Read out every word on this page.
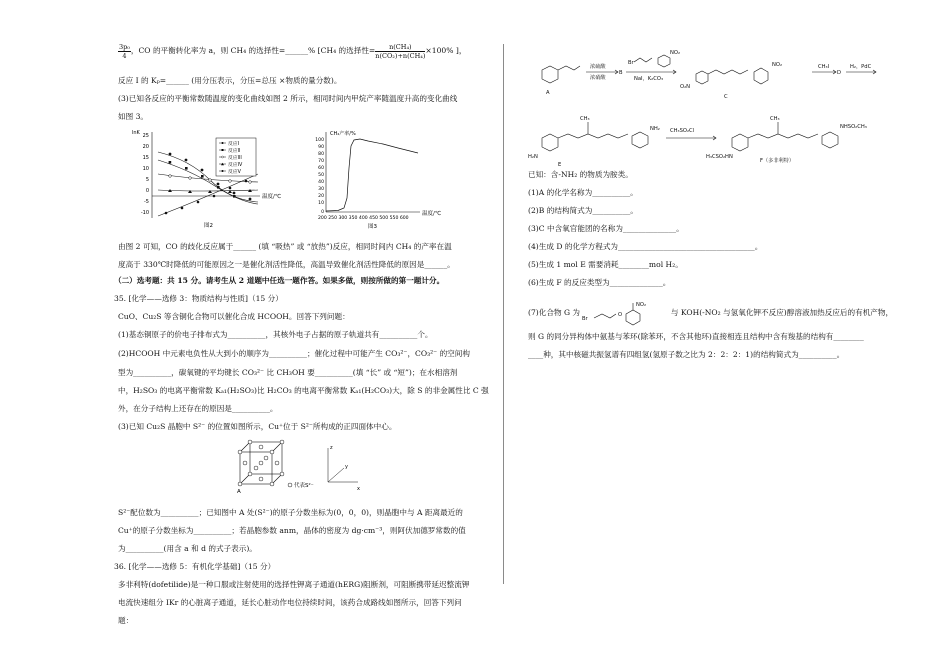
$\frac{\text{3p₀}}{4}$ ，CO 的平衡转化率为 a，则 CH₄ 的选择性=______% [CH₄ 的选择性= $\frac{\text{n(CH₄)}}{\text{n(CO₂)+n(CH₄)}} \times 100\%$ ]，
反应 I 的 Kₚ=______ (用分压表示，分压=总压 ×物质的量分数)。
(3)已知各反应的平衡常数随温度的变化曲线如图 2 所示，相同时间内甲烷产率随温度升高的变化曲线
如图 3。
lnK 25
20
15
10
5
0
-5
-10
反应I
反应II
反应III
反应IV
反应V
温度/℃
图2
CH₄产率/%
100
90
80
70
60
50
40
30
20
10
0
200 250 300 350 400 450 500 550 600
温度/℃
图3
由图 2 可知，CO 的歧化反应属于______ (填 “吸热” 或 “放热”)反应，相同时间内 CH₄ 的产率在温
度高于 330℃时降低的可能原因之一是催化剂活性降低，高温导致催化剂活性降低的原因是______。
（二）选考题：共 15 分。请考生从 2 道题中任选一题作答。如果多做，则按所做的第一题计分。
35. [化学——选修 3：物质结构与性质]（15 分）
CuO、Cu₂S 等含铜化合物可以催化合成 HCOOH。回答下列问题：
(1)基态铜原子的价电子排布式为__________，其核外电子占据的原子轨道共有__________个。
(2)HCOOH 中元素电负性从大到小的顺序为__________；催化过程中可能产生 CO₃²⁻，CO₃²⁻ 的空间构
型为__________，碳氧键的平均键长 CO₃²⁻ 比 CH₃OH 要__________(填 “长” 或 “短”)；在水相溶剂
中，H₂SO₃ 的电离平衡常数 Kₐ₁(H₂SO₃)比 H₂CO₃ 的电离平衡常数 Kₐ₁(H₂CO₃)大，除 S 的非金属性比 C 强
外，在分子结构上还存在的原因是__________。
(3)已知 Cu₂S 晶胞中 S²⁻ 的位置如图所示，Cu⁺位于 S²⁻所构成的正四面体中心。
A
代表S²⁻
z
y
x
S²⁻配位数为__________；已知图中 A 处(S²⁻)的原子分数坐标为(0，0，0)，则晶胞中与 A 距离最近的
Cu⁺的原子分数坐标为__________；若晶胞参数 anm，晶体的密度为 dg·cm⁻³，则阿伏加德罗常数的值
为__________(用含 a 和 d 的式子表示)。
36. [化学——选修 5：有机化学基础]（15 分）
多非利特(dofetilide)是一种口服或注射使用的选择性钾离子通道(hERG)阻断剂，可阻断携带延迟整流钾
电流快速组分 IKr 的心脏离子通道，延长心脏动作电位持续时间，该药合成路线如图所示，回答下列问
题：
A
浓硫酸
浓硝酸
B
Br
NO₂
NaI，K₂CO₃
O₂N
NO₂
C
CH₃I
D
H₂，PdC
CH₃
NH₂
H₂N
E
CH₃SO₂Cl
CH₃
NHSO₂CH₃
H₃CSO₂HN
F（多非利特）
已知：含-NH₂ 的物质为胺类。
(1)A 的化学名称为__________。
(2)B 的结构简式为__________。
(3)C 中含氧官能团的名称为______________。
(4)生成 D 的化学方程式为____________________________________。
(5)生成 1 mol E 需要消耗________mol H₂。
(6)生成 F 的反应类型为______________。
(7)化合物 G 为
Br
O
NO₂
与 KOH(-NO₂ 与氢氧化钾不反应)醇溶液加热反应后的有机产物，
则 G 的同分异构体中氨基与苯环(除苯环，不含其他环)直接相连且结构中含有羧基的结构有________
____种，其中核磁共振氢谱有四组氢(氢原子数之比为 2：2：2：1)的结构简式为__________。
